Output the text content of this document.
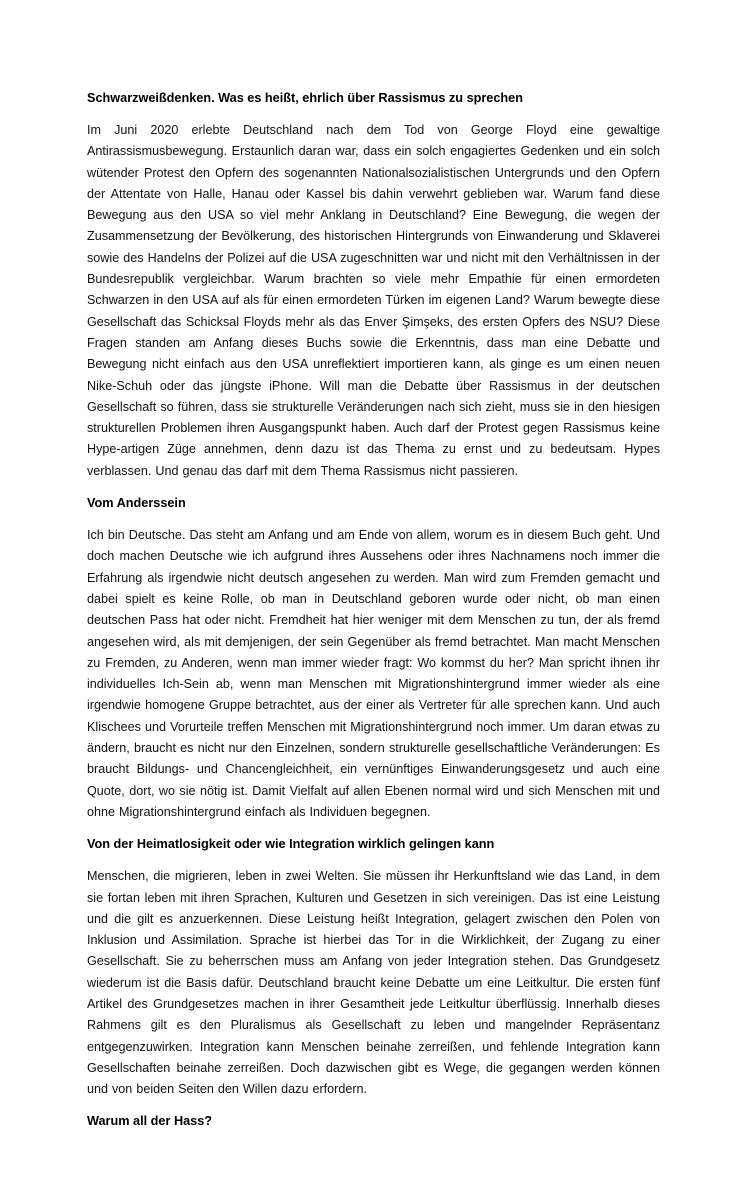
Schwarzweißdenken. Was es heißt, ehrlich über Rassismus zu sprechen

Im Juni 2020 erlebte Deutschland nach dem Tod von George Floyd eine gewaltige Antirassismusbewegung. Erstaunlich daran war, dass ein solch engagiertes Gedenken und ein solch wütender Protest den Opfern des sogenannten Nationalsozialistischen Untergrunds und den Opfern der Attentate von Halle, Hanau oder Kassel bis dahin verwehrt geblieben war. Warum fand diese Bewegung aus den USA so viel mehr Anklang in Deutschland? Eine Bewegung, die wegen der Zusammensetzung der Bevölkerung, des historischen Hintergrunds von Einwanderung und Sklaverei sowie des Handelns der Polizei auf die USA zugeschnitten war und nicht mit den Verhältnissen in der Bundesrepublik vergleichbar. Warum brachten so viele mehr Empathie für einen ermordeten Schwarzen in den USA auf als für einen ermordeten Türken im eigenen Land? Warum bewegte diese Gesellschaft das Schicksal Floyds mehr als das Enver Şimşeks, des ersten Opfers des NSU? Diese Fragen standen am Anfang dieses Buchs sowie die Erkenntnis, dass man eine Debatte und Bewegung nicht einfach aus den USA unreflektiert importieren kann, als ginge es um einen neuen Nike-Schuh oder das jüngste iPhone. Will man die Debatte über Rassismus in der deutschen Gesellschaft so führen, dass sie strukturelle Veränderungen nach sich zieht, muss sie in den hiesigen strukturellen Problemen ihren Ausgangspunkt haben. Auch darf der Protest gegen Rassismus keine Hype-artigen Züge annehmen, denn dazu ist das Thema zu ernst und zu bedeutsam. Hypes verblassen. Und genau das darf mit dem Thema Rassismus nicht passieren.

Vom Anderssein

Ich bin Deutsche. Das steht am Anfang und am Ende von allem, worum es in diesem Buch geht. Und doch machen Deutsche wie ich aufgrund ihres Aussehens oder ihres Nachnamens noch immer die Erfahrung als irgendwie nicht deutsch angesehen zu werden. Man wird zum Fremden gemacht und dabei spielt es keine Rolle, ob man in Deutschland geboren wurde oder nicht, ob man einen deutschen Pass hat oder nicht. Fremdheit hat hier weniger mit dem Menschen zu tun, der als fremd angesehen wird, als mit demjenigen, der sein Gegenüber als fremd betrachtet. Man macht Menschen zu Fremden, zu Anderen, wenn man immer wieder fragt: Wo kommst du her? Man spricht ihnen ihr individuelles Ich-Sein ab, wenn man Menschen mit Migrationshintergrund immer wieder als eine irgendwie homogene Gruppe betrachtet, aus der einer als Vertreter für alle sprechen kann. Und auch Klischees und Vorurteile treffen Menschen mit Migrationshintergrund noch immer. Um daran etwas zu ändern, braucht es nicht nur den Einzelnen, sondern strukturelle gesellschaftliche Veränderungen: Es braucht Bildungs- und Chancengleichheit, ein vernünftiges Einwanderungsgesetz und auch eine Quote, dort, wo sie nötig ist. Damit Vielfalt auf allen Ebenen normal wird und sich Menschen mit und ohne Migrationshintergrund einfach als Individuen begegnen.

Von der Heimatlosigkeit oder wie Integration wirklich gelingen kann

Menschen, die migrieren, leben in zwei Welten. Sie müssen ihr Herkunftsland wie das Land, in dem sie fortan leben mit ihren Sprachen, Kulturen und Gesetzen in sich vereinigen. Das ist eine Leistung und die gilt es anzuerkennen. Diese Leistung heißt Integration, gelagert zwischen den Polen von Inklusion und Assimilation. Sprache ist hierbei das Tor in die Wirklichkeit, der Zugang zu einer Gesellschaft. Sie zu beherrschen muss am Anfang von jeder Integration stehen. Das Grundgesetz wiederum ist die Basis dafür. Deutschland braucht keine Debatte um eine Leitkultur. Die ersten fünf Artikel des Grundgesetzes machen in ihrer Gesamtheit jede Leitkultur überflüssig. Innerhalb dieses Rahmens gilt es den Pluralismus als Gesellschaft zu leben und mangelnder Repräsentanz entgegenzuwirken. Integration kann Menschen beinahe zerreißen, und fehlende Integration kann Gesellschaften beinahe zerreißen. Doch dazwischen gibt es Wege, die gegangen werden können und von beiden Seiten den Willen dazu erfordern.

Warum all der Hass?
